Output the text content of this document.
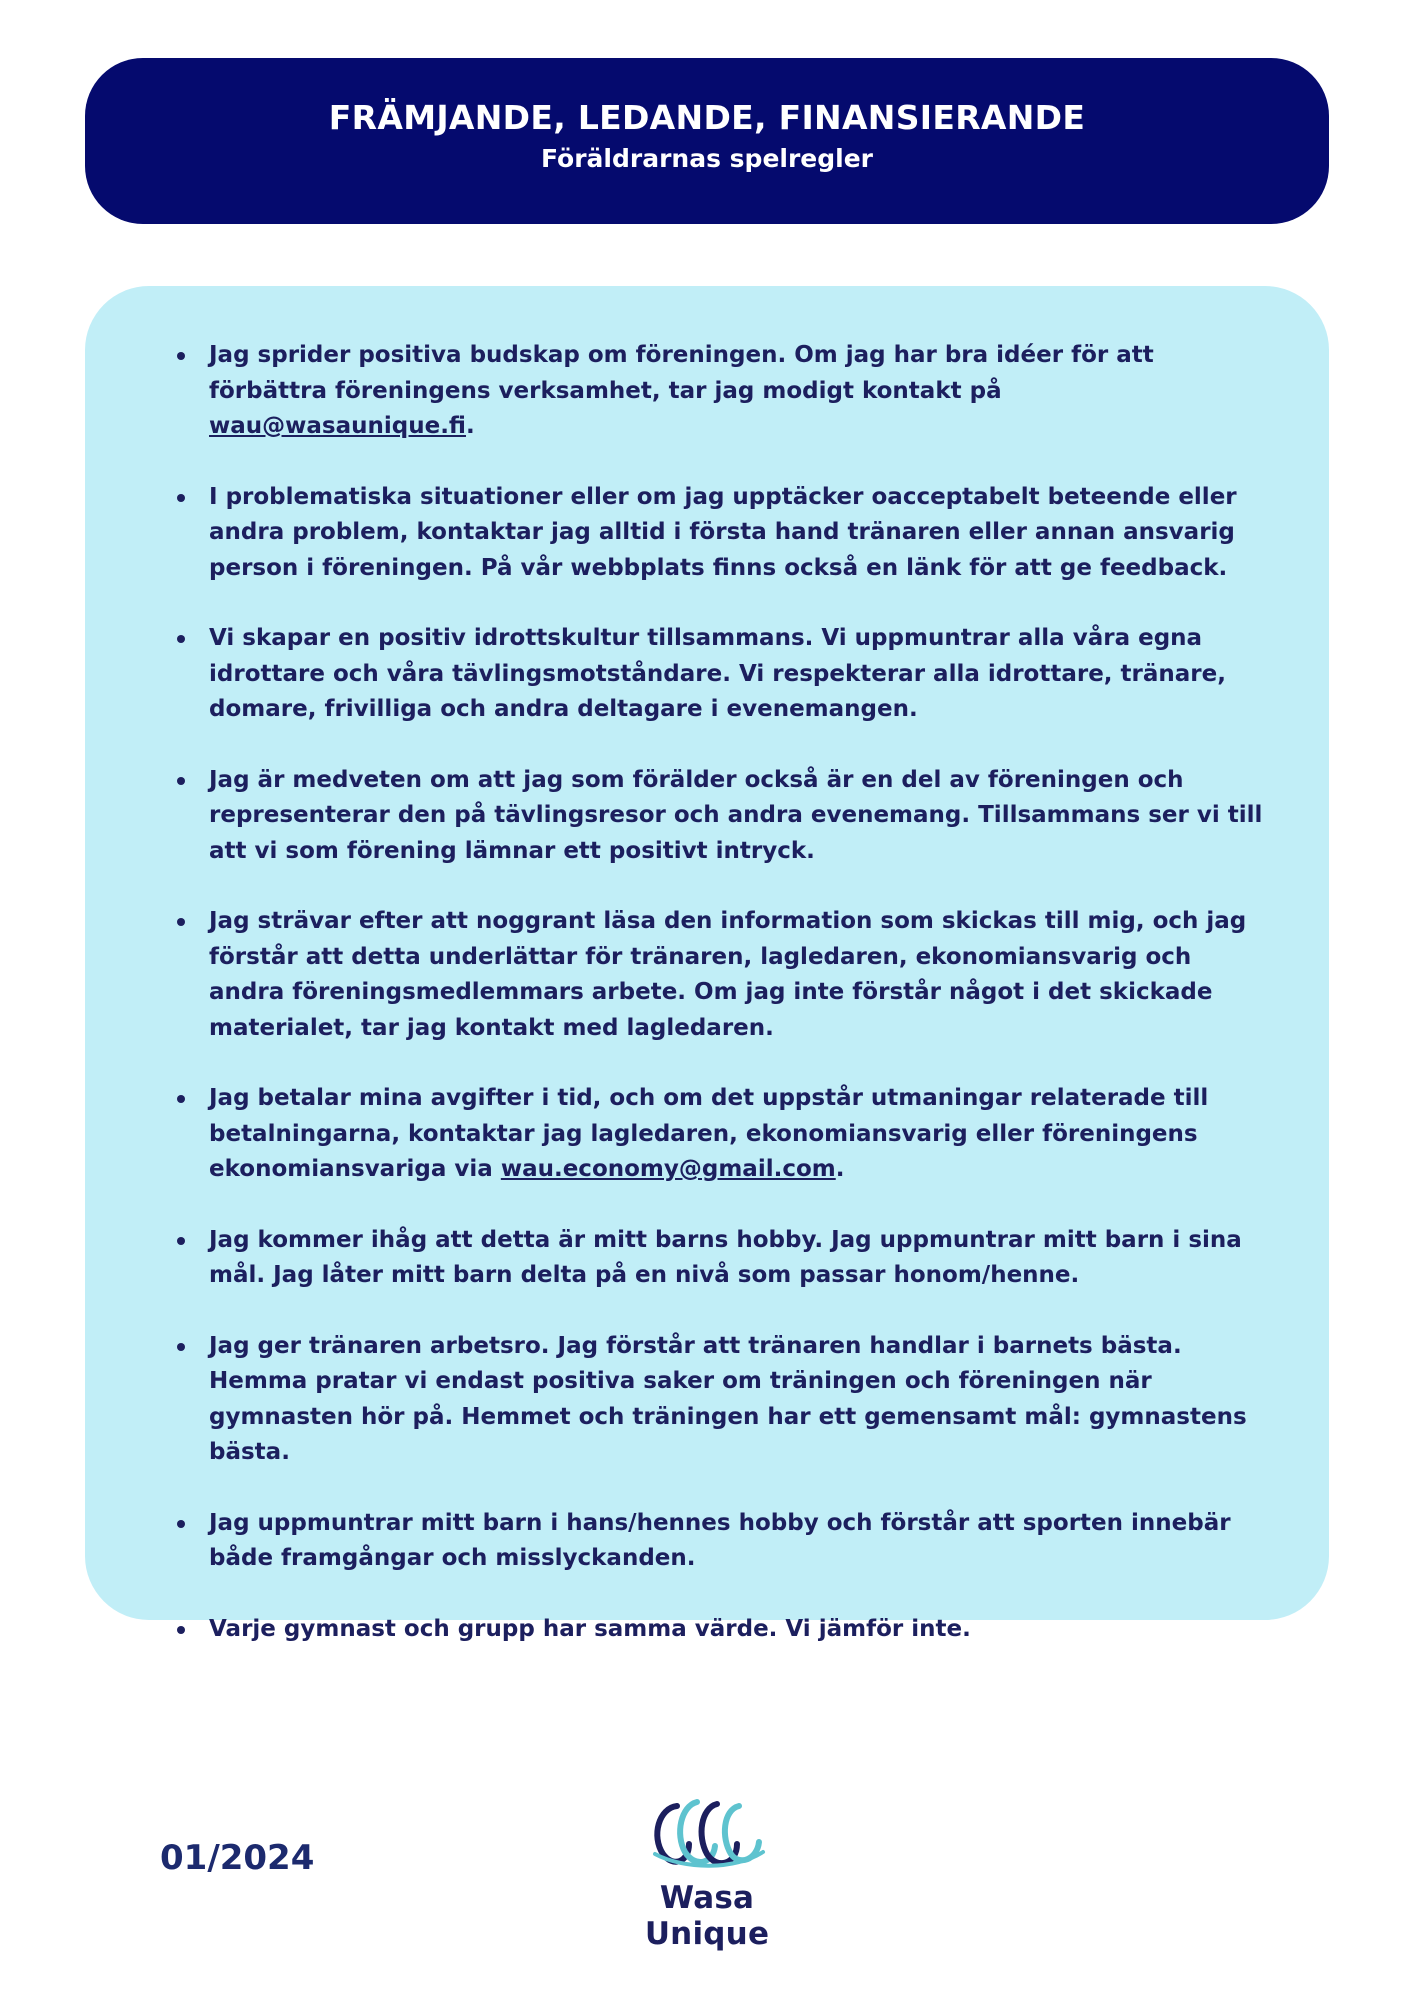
FRÄMJANDE, LEDANDE, FINANSIERANDE
Föräldrarnas spelregler
Jag sprider positiva budskap om föreningen. Om jag har bra idéer för att förbättra föreningens verksamhet, tar jag modigt kontakt på wau@wasaunique.fi.
I problematiska situationer eller om jag upptäcker oacceptabelt beteende eller andra problem, kontaktar jag alltid i första hand tränaren eller annan ansvarig person i föreningen. På vår webbplats finns också en länk för att ge feedback.
Vi skapar en positiv idrottskultur tillsammans. Vi uppmuntrar alla våra egna idrottare och våra tävlingsmotståndare. Vi respekterar alla idrottare, tränare, domare, frivilliga och andra deltagare i evenemangen.
Jag är medveten om att jag som förälder också är en del av föreningen och representerar den på tävlingsresor och andra evenemang. Tillsammans ser vi till att vi som förening lämnar ett positivt intryck.
Jag strävar efter att noggrant läsa den information som skickas till mig, och jag förstår att detta underlättar för tränaren, lagledaren, ekonomiansvarig och andra föreningsmedlemmars arbete. Om jag inte förstår något i det skickade materialet, tar jag kontakt med lagledaren.
Jag betalar mina avgifter i tid, och om det uppstår utmaningar relaterade till betalningarna, kontaktar jag lagledaren, ekonomiansvarig eller föreningens ekonomiansvariga via wau.economy@gmail.com.
Jag kommer ihåg att detta är mitt barns hobby. Jag uppmuntrar mitt barn i sina mål. Jag låter mitt barn delta på en nivå som passar honom/henne.
Jag ger tränaren arbetsro. Jag förstår att tränaren handlar i barnets bästa. Hemma pratar vi endast positiva saker om träningen och föreningen när gymnasten hör på. Hemmet och träningen har ett gemensamt mål: gymnastens bästa.
Jag uppmuntrar mitt barn i hans/hennes hobby och förstår att sporten innebär både framgångar och misslyckanden.
Varje gymnast och grupp har samma värde. Vi jämför inte.
01/2024
Wasa Unique
